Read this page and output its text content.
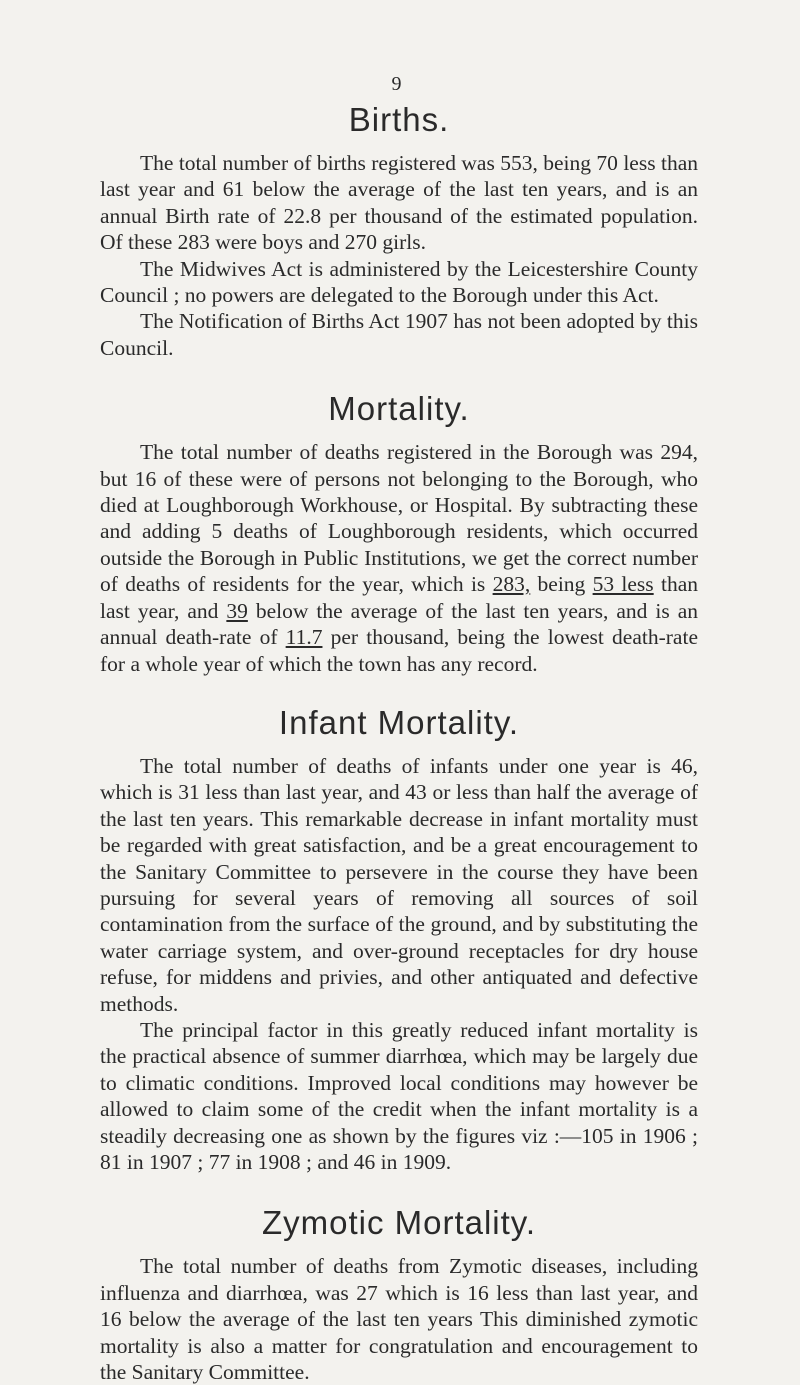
9
Births.

The total number of births registered was 553, being 70 less than last year and 61 below the average of the last ten years, and is an annual Birth rate of 22.8 per thousand of the estimated population. Of these 283 were boys and 270 girls.

The Midwives Act is administered by the Leicestershire County Council ; no powers are delegated to the Borough under this Act.

The Notification of Births Act 1907 has not been adopted by this Council.

Mortality.

The total number of deaths registered in the Borough was 294, but 16 of these were of persons not belonging to the Borough, who died at Loughborough Workhouse, or Hospital. By subtracting these and adding 5 deaths of Loughborough residents, which occurred outside the Borough in Public Institutions, we get the correct number of deaths of residents for the year, which is 283, being 53 less than last year, and 39 below the average of the last ten years, and is an annual death-rate of 11.7 per thousand, being the lowest death-rate for a whole year of which the town has any record.

Infant Mortality.

The total number of deaths of infants under one year is 46, which is 31 less than last year, and 43 or less than half the average of the last ten years. This remarkable decrease in infant mortality must be regarded with great satisfaction, and be a great encouragement to the Sanitary Committee to persevere in the course they have been pursuing for several years of removing all sources of soil contamination from the surface of the ground, and by substituting the water carriage system, and over-ground receptacles for dry house refuse, for middens and privies, and other antiquated and defective methods.

The principal factor in this greatly reduced infant mortality is the practical absence of summer diarrhœa, which may be largely due to climatic conditions. Improved local conditions may however be allowed to claim some of the credit when the infant mortality is a steadily decreasing one as shown by the figures viz :—105 in 1906 ; 81 in 1907 ; 77 in 1908 ; and 46 in 1909.

Zymotic Mortality.

The total number of deaths from Zymotic diseases, including influenza and diarrhœa, was 27 which is 16 less than last year, and 16 below the average of the last ten years This diminished zymotic mortality is also a matter for congratulation and encouragement to the Sanitary Committee.
